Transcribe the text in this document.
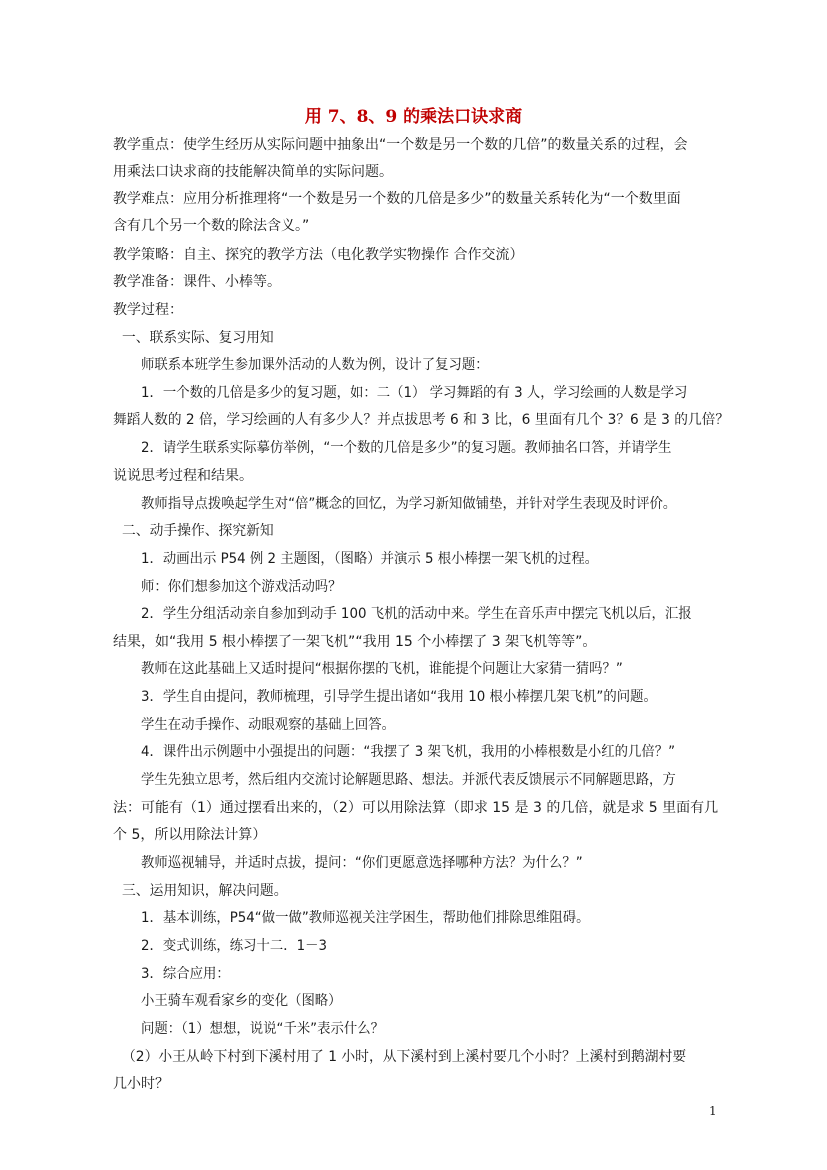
用 7、8、9 的乘法口诀求商
教学重点：使学生经历从实际问题中抽象出“一个数是另一个数的几倍”的数量关系的过程，会
用乘法口诀求商的技能解决简单的实际问题。
教学难点：应用分析推理将“一个数是另一个数的几倍是多少”的数量关系转化为“一个数里面
含有几个另一个数的除法含义。”
教学策略：自主、探究的教学方法（电化教学实物操作 合作交流）
教学准备：课件、小棒等。
教学过程：
一、联系实际、复习用知
师联系本班学生参加课外活动的人数为例，设计了复习题：
1．一个数的几倍是多少的复习题，如：二（1） 学习舞蹈的有 3 人，学习绘画的人数是学习
舞蹈人数的 2 倍，学习绘画的人有多少人？并点拔思考 6 和 3 比，6 里面有几个 3？6 是 3 的几倍？
2．请学生联系实际摹仿举例，“一个数的几倍是多少”的复习题。教师抽名口答，并请学生
说说思考过程和结果。
教师指导点拨唤起学生对“倍”概念的回忆，为学习新知做铺垫，并针对学生表现及时评价。
二、动手操作、探究新知
1．动画出示 P54 例 2 主题图，（图略）并演示 5 根小棒摆一架飞机的过程。
师：你们想参加这个游戏活动吗？
2．学生分组活动亲自参加到动手 100 飞机的活动中来。学生在音乐声中摆完飞机以后，汇报
结果，如“我用 5 根小棒摆了一架飞机”“我用 15 个小棒摆了 3 架飞机等等”。
教师在这此基础上又适时提问“根据你摆的飞机，谁能提个问题让大家猜一猜吗？”
3．学生自由提问，教师梳理，引导学生提出诸如“我用 10 根小棒摆几架飞机”的问题。
学生在动手操作、动眼观察的基础上回答。
4．课件出示例题中小强提出的问题：“我摆了 3 架飞机，我用的小棒根数是小红的几倍？”
学生先独立思考，然后组内交流讨论解题思路、想法。并派代表反馈展示不同解题思路，方
法：可能有（1）通过摆看出来的，（2）可以用除法算（即求 15 是 3 的几倍，就是求 5 里面有几
个 5，所以用除法计算）
教师巡视辅导，并适时点拔，提问：“你们更愿意选择哪种方法？为什么？”
三、运用知识，解决问题。
1．基本训练，P54“做一做”教师巡视关注学困生，帮助他们排除思维阻碍。
2．变式训练，练习十二．1－3
3．综合应用：
小王骑车观看家乡的变化（图略）
问题：（1）想想，说说“千米”表示什么？
（2）小王从岭下村到下溪村用了 1 小时，从下溪村到上溪村要几个小时？上溪村到鹅湖村要
几小时？
1
